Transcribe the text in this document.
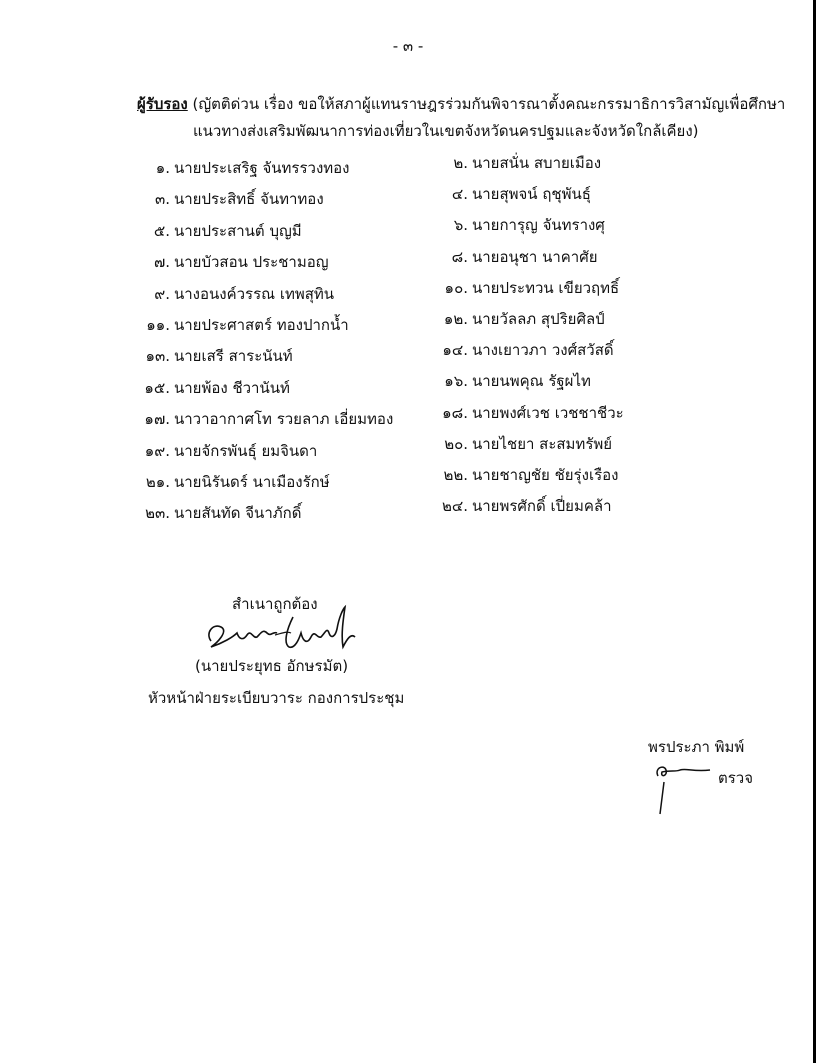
- ๓ -
ผู้รับรอง (ญัตติด่วน เรื่อง ขอให้สภาผู้แทนราษฎรร่วมกันพิจารณาตั้งคณะกรรมาธิการวิสามัญเพื่อศึกษา
แนวทางส่งเสริมพัฒนาการท่องเที่ยวในเขตจังหวัดนครปฐมและจังหวัดใกล้เคียง)
๑. นายประเสริฐ จันทรรวงทอง
๓. นายประสิทธิ์ จันทาทอง
๕. นายประสานต์ บุญมี
๗. นายบัวสอน ประชามอญ
๙. นางอนงค์วรรณ เทพสุทิน
๑๑. นายประศาสตร์ ทองปากน้ำ
๑๓. นายเสรี สาระนันท์
๑๕. นายพ้อง ชีวานันท์
๑๗. นาวาอากาศโท รวยลาภ เอี่ยมทอง
๑๙. นายจักรพันธุ์ ยมจินดา
๒๑. นายนิรันดร์ นาเมืองรักษ์
๒๓. นายสันทัด จีนาภักดิ์
๒. นายสนั่น สบายเมือง
๔. นายสุพจน์ ฤชุพันธุ์
๖. นายการุญ จันทรางศุ
๘. นายอนุชา นาคาศัย
๑๐. นายประทวน เขียวฤทธิ์
๑๒. นายวัลลภ สุปริยศิลป์
๑๔. นางเยาวภา วงศ์สวัสดิ์
๑๖. นายนพคุณ รัฐผไท
๑๘. นายพงศ์เวช เวชชาชีวะ
๒๐. นายไชยา สะสมทรัพย์
๒๒. นายชาญชัย ชัยรุ่งเรือง
๒๔. นายพรศักดิ์ เปี่ยมคล้า
สำเนาถูกต้อง
(นายประยุทธ อักษรมัต)
หัวหน้าฝ่ายระเบียบวาระ กองการประชุม
พรประภา พิมพ์
ตรวจ
